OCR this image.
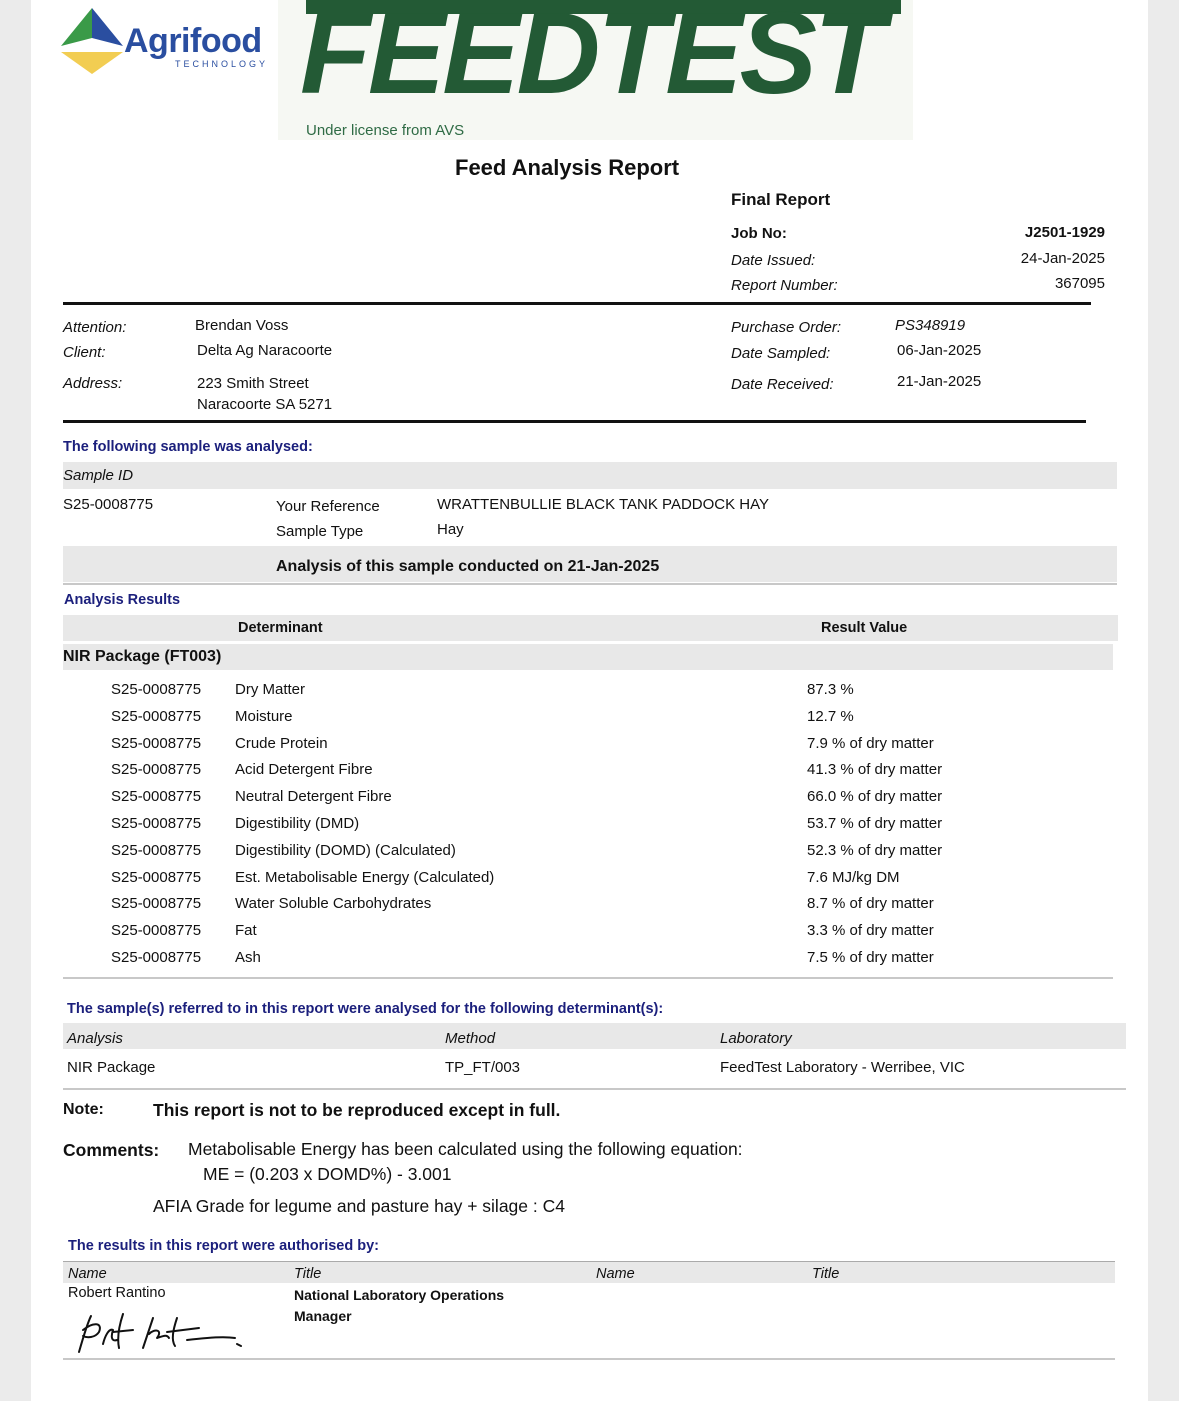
Agrifood
TECHNOLOGY FEEDTEST
Under license from AVS
Feed Analysis Report
Final Report
Job No:	J2501-1929
Date Issued:	24-Jan-2025
Report Number:	367095
Attention:	Brendan Voss
Client:	Delta Ag Naracoorte
Address:	223 Smith Street
Naracoorte SA 5271
Purchase Order:	PS348919
Date Sampled:	06-Jan-2025
Date Received:	21-Jan-2025
The following sample was analysed:
Sample ID
S25-0008775	Your Reference	WRATTENBULLIE BLACK TANK PADDOCK HAY
Sample Type	Hay
Analysis of this sample conducted on 21-Jan-2025
Analysis Results
Determinant	Result Value
NIR Package (FT003)
S25-0008775 Dry Matter	87.3 %
S25-0008775 Moisture	12.7 %
S25-0008775 Crude Protein	7.9 % of dry matter
S25-0008775 Acid Detergent Fibre	41.3 % of dry matter
S25-0008775 Neutral Detergent Fibre	66.0 % of dry matter
S25-0008775 Digestibility (DMD)	53.7 % of dry matter
S25-0008775 Digestibility (DOMD) (Calculated)	52.3 % of dry matter
S25-0008775 Est. Metabolisable Energy (Calculated)	7.6 MJ/kg DM
S25-0008775 Water Soluble Carbohydrates	8.7 % of dry matter
S25-0008775 Fat	3.3 % of dry matter
S25-0008775 Ash	7.5 % of dry matter
The sample(s) referred to in this report were analysed for the following determinant(s):
Analysis	Method	Laboratory
NIR Package	TP_FT/003	FeedTest Laboratory - Werribee, VIC
Note:	This report is not to be reproduced except in full.
Comments: Metabolisable Energy has been calculated using the following equation:
ME = (0.203 x DOMD%) - 3.001
AFIA Grade for legume and pasture hay + silage : C4
The results in this report were authorised by:
Name	Title	Name	Title
Robert Rantino	National Laboratory Operations
Manager
